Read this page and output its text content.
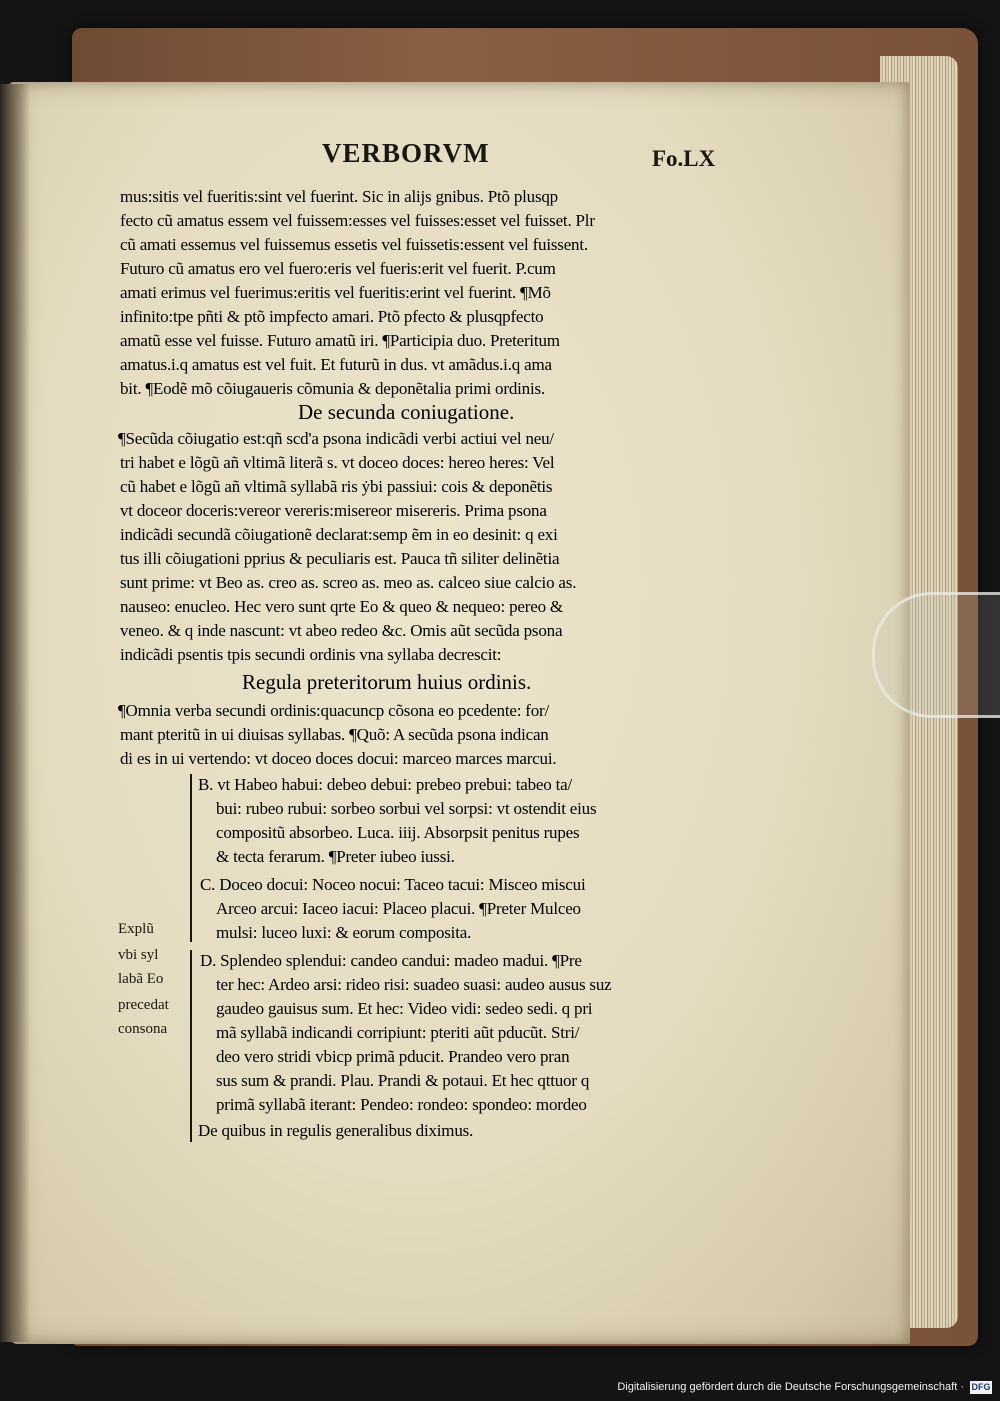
VERBORVM	Fo.LX
mus:sitis vel fueritis:sint vel fuerint. Sic in alijs gnibus. Ptõ plusqp
fecto cũ amatus essem vel fuissem:esses vel fuisses:esset vel fuisset. Plr
cũ amati essemus vel fuissemus essetis vel fuissetis:essent vel fuissent.
Futuro cũ amatus ero vel fuero:eris vel fueris:erit vel fuerit. P.cum
amati erimus vel fuerimus:eritis vel fueritis:erint vel fuerint. ¶Mõ
infinito:tpe pñti & ptõ impfecto amari. Ptõ pfecto & plusqpfecto
amatũ esse vel fuisse. Futuro amatũ iri. ¶Participia duo. Preteritum
amatus.i.q amatus est vel fuit. Et futurũ in dus. vt amãdus.i.q ama
bit. ¶Eodẽ mõ cõiugaueris cõmunia & deponẽtalia primi ordinis.
De secunda coniugatione.
¶Secũda cõiugatio est:qñ scd'a psona indicãdi verbi actiui vel neu/
tri habet e lõgũ añ vltimã literã s. vt doceo doces: hereo heres: Vel
cũ habet e lõgũ añ vltimã syllabã ris ẏbi passiui: cois & deponẽtis
vt doceor doceris:vereor vereris:misereor misereris. Prima psona
indicãdi secundã cõiugationẽ declarat:semp ẽm in eo desinit: q exi
tus illi cõiugationi pprius & peculiaris est. Pauca tñ siliter delinẽtia
sunt prime: vt Beo as. creo as. screo as. meo as. calceo siue calcio as.
nauseo: enucleo. Hec vero sunt qrte Eo & queo & nequeo: pereo &
veneo. & q inde nascunt: vt abeo redeo &c. Omis aũt secũda psona
indicãdi psentis tpis secundi ordinis vna syllaba decrescit:
Regula preteritorum huius ordinis.
¶Omnia verba secundi ordinis:quacuncp cõsona eo pcedente: for/
mant pteritũ in ui diuisas syllabas. ¶Quõ: A secũda psona indican
di es in ui vertendo: vt doceo doces docui: marceo marces marcui.
B. vt Habeo habui: debeo debui: prebeo prebui: tabeo ta/
bui: rubeo rubui: sorbeo sorbui vel sorpsi: vt ostendit eius
compositũ absorbeo. Luca. iiij. Absorpsit penitus rupes
& tecta ferarum. ¶Preter iubeo iussi.
C. Doceo docui: Noceo nocui: Taceo tacui: Misceo miscui
Arceo arcui: Iaceo iacui: Placeo placui. ¶Preter Mulceo
mulsi: luceo luxi: & eorum composita.
D. Splendeo splendui: candeo candui: madeo madui. ¶Pre
ter hec: Ardeo arsi: rideo risi: suadeo suasi: audeo ausus suz
gaudeo gauisus sum. Et hec: Video vidi: sedeo sedi. q pri
mã syllabã indicandi corripiunt: pteriti aũt pducũt. Stri/
deo vero stridi vbicp primã pducit. Prandeo vero pran
sus sum & prandi. Plau. Prandi & potaui. Et hec qttuor q
primã syllabã iterant: Pendeo: rondeo: spondeo: mordeo
De quibus in regulis generalibus diximus.
Explũ
vbi syl
labã Eo
precedat
consona
Digitalisierung gefördert durch die Deutsche Forschungsgemeinschaft · DFG
